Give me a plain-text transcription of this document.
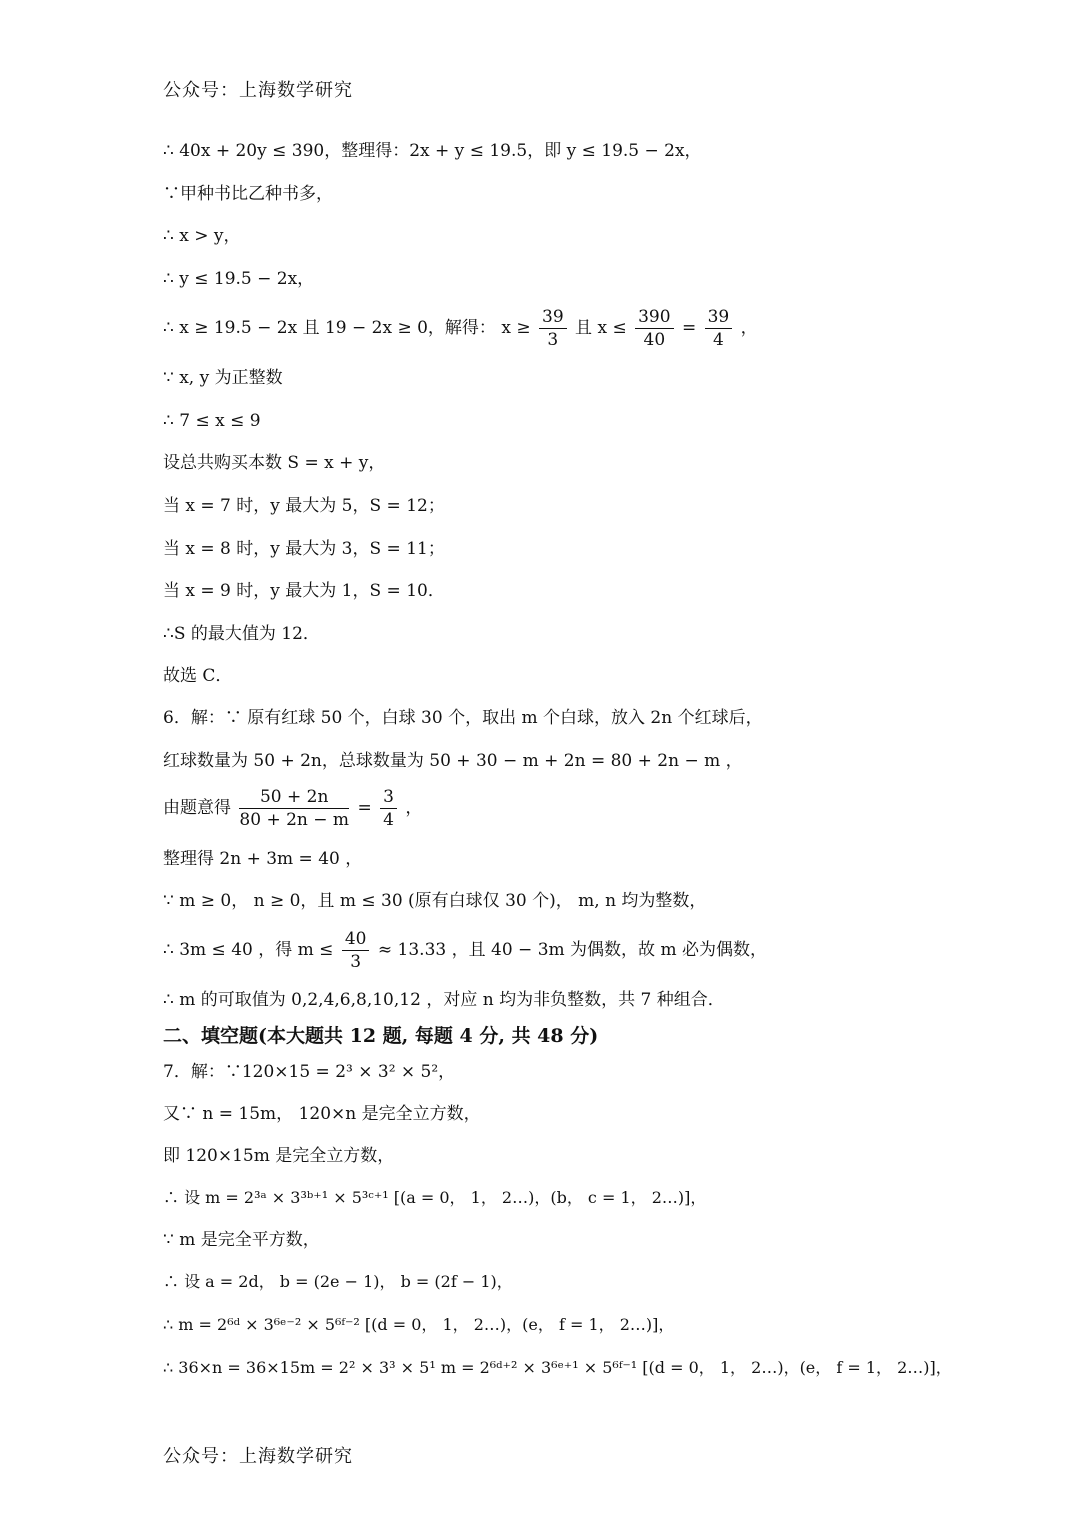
公众号：上海数学研究
∴ 40x + 20y ≤ 390，整理得：2x + y ≤ 19.5，即 y ≤ 19.5 − 2x，
∵甲种书比乙种书多，
∴ x > y，
∴ y ≤ 19.5 − 2x，
∴ x ≥ 19.5 − 2x 且 19 − 2x ≥ 0，解得： $x \ge \frac{39}{3}$ 且 $x \le \frac{390}{40} = \frac{39}{4}$ ，
∵ x, y 为正整数
∴ 7 ≤ x ≤ 9
设总共购买本数 S = x + y，
当 x = 7 时，y 最大为 5，S = 12；
当 x = 8 时，y 最大为 3，S = 11；
当 x = 9 时，y 最大为 1，S = 10．
∴S 的最大值为 12．
故选 C．
6．解：∵ 原有红球 50 个，白球 30 个，取出 m 个白球，放入 2n 个红球后，
红球数量为 50 + 2n，总球数量为 50 + 30 − m + 2n = 80 + 2n − m ，
由题意得 $\frac{50 + 2n}{80 + 2n - m} = \frac{3}{4}$ ，
整理得 2n + 3m = 40 ，
∵ m ≥ 0， n ≥ 0，且 m ≤ 30 (原有白球仅 30 个)， m, n 均为整数，
∴ 3m ≤ 40 ，得 $m \le \frac{40}{3} \approx 13.33$ ，且 40 − 3m 为偶数，故 m 必为偶数，
∴ m 的可取值为 0,2,4,6,8,10,12 ，对应 n 均为非负整数，共 7 种组合．
二、填空题(本大题共 12 题, 每题 4 分, 共 48 分)
7．解：∵120×15 = 2³ × 3² × 5²，
又∵ n = 15m， 120×n 是完全立方数，
即 120×15m 是完全立方数，
∴ 设 m = 2³ᵃ × 3³ᵇ⁺¹ × 5³ᶜ⁺¹ [(a = 0， 1， 2…)，(b， c = 1， 2…)]，
∵ m 是完全平方数，
∴ 设 a = 2d， b = (2e − 1)， b = (2f − 1)，
∴ m = 2⁶ᵈ × 3⁶ᵉ⁻² × 5⁶ᶠ⁻² [(d = 0， 1， 2…)，(e， f = 1， 2…)]，
∴ 36×n = 36×15m = 2² × 3³ × 5¹ m = 2⁶ᵈ⁺² × 3⁶ᵉ⁺¹ × 5⁶ᶠ⁻¹ [(d = 0， 1， 2…)，(e， f = 1， 2…)]，
公众号：上海数学研究
